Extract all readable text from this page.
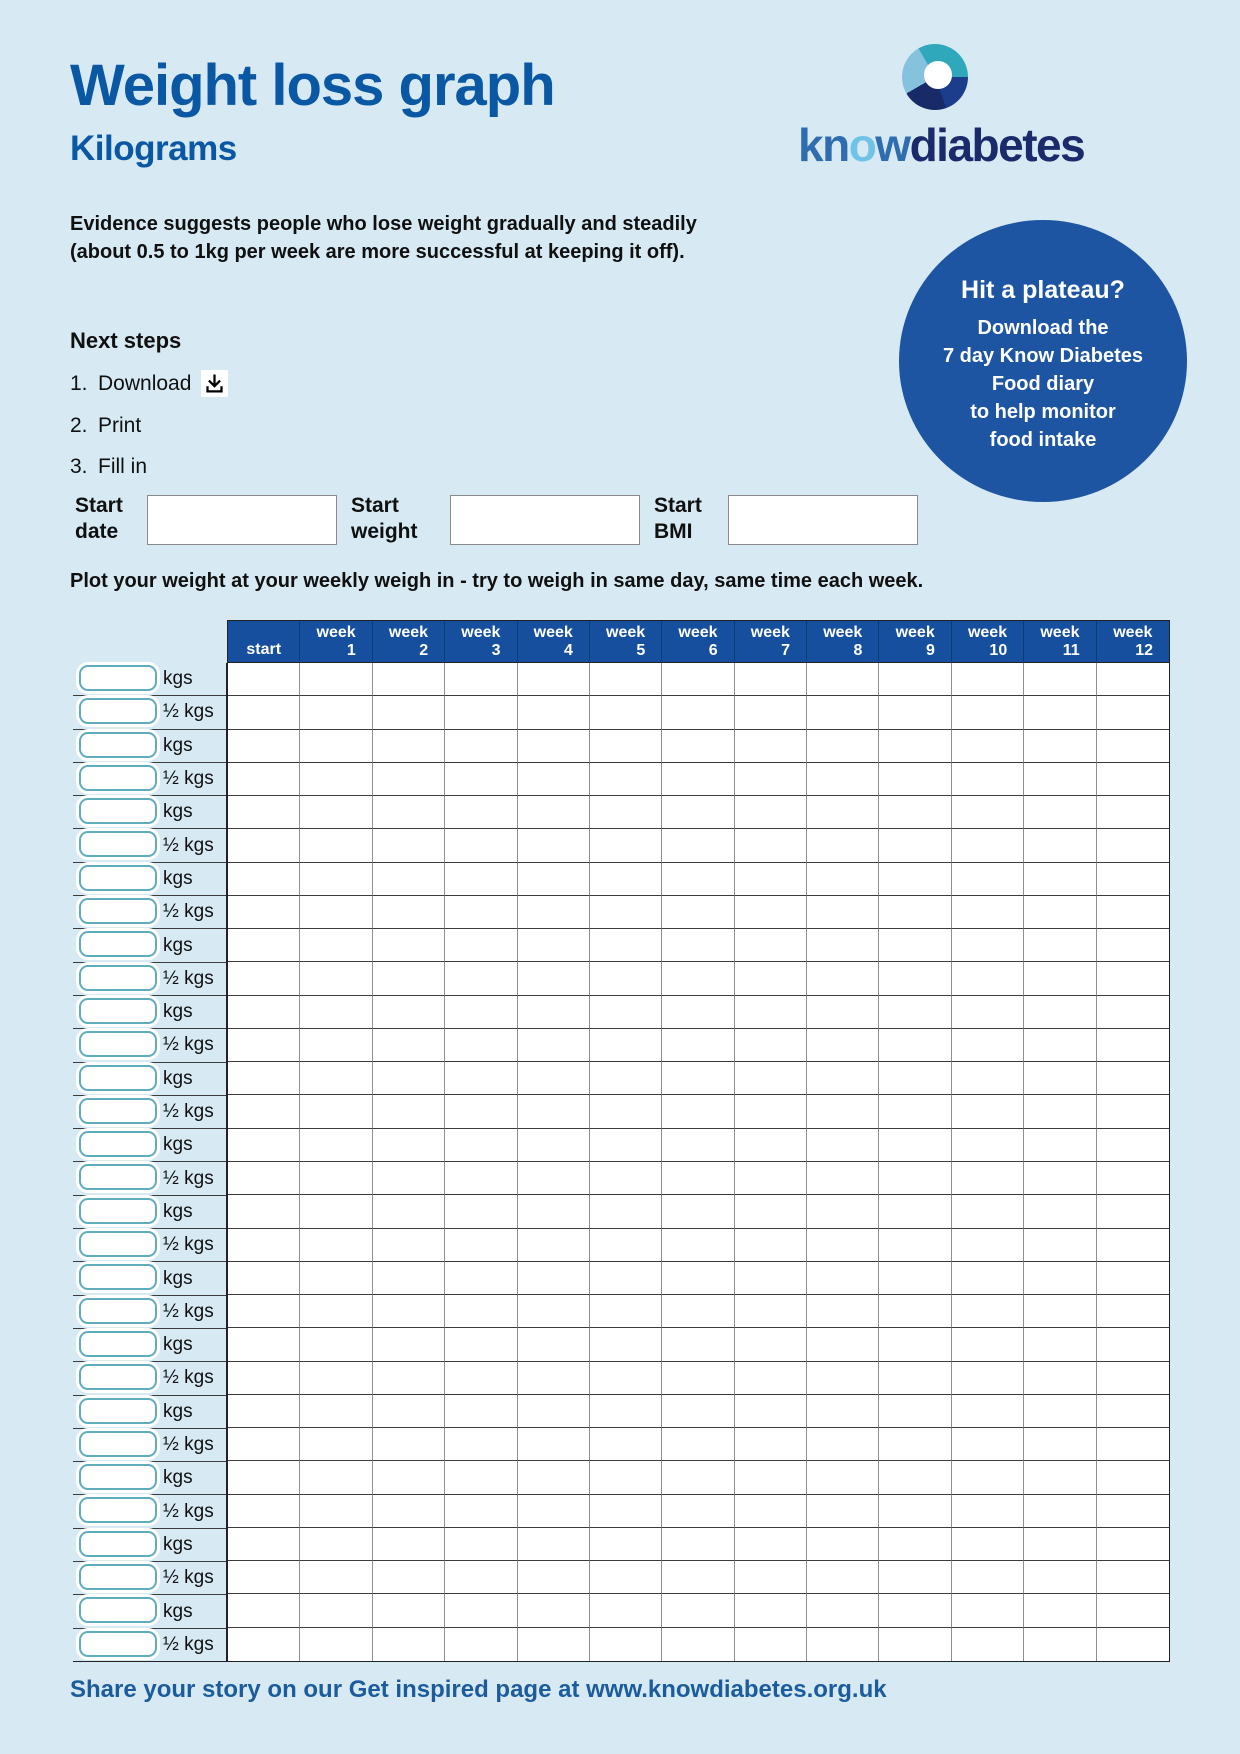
Weight loss graph
Kilograms	knowdiabetes
Evidence suggests people who lose weight gradually and steadily
(about 0.5 to 1kg per week are more successful at keeping it off).
Next steps
1. Download
2. Print
3. Fill in
Hit a plateau?
Download the
7 day Know Diabetes
Food diary
to help monitor
food intake
Start
date
Start
weight
Start
BMI
Plot your weight at your weekly weigh in - try to weigh in same day, same time each week.
start
week
1
week
2
week
3
week
4
week
5
week
6
week
7
week
8
week
9
week
10
week
11
week
12
kgs
½ kgs
kgs
½ kgs
kgs
½ kgs
kgs
½ kgs
kgs
½ kgs
kgs
½ kgs
kgs
½ kgs
kgs
½ kgs
kgs
½ kgs
kgs
½ kgs
kgs
½ kgs
kgs
½ kgs
kgs
½ kgs
kgs
½ kgs
kgs
½ kgs
Share your story on our Get inspired page at www.knowdiabetes.org.uk
